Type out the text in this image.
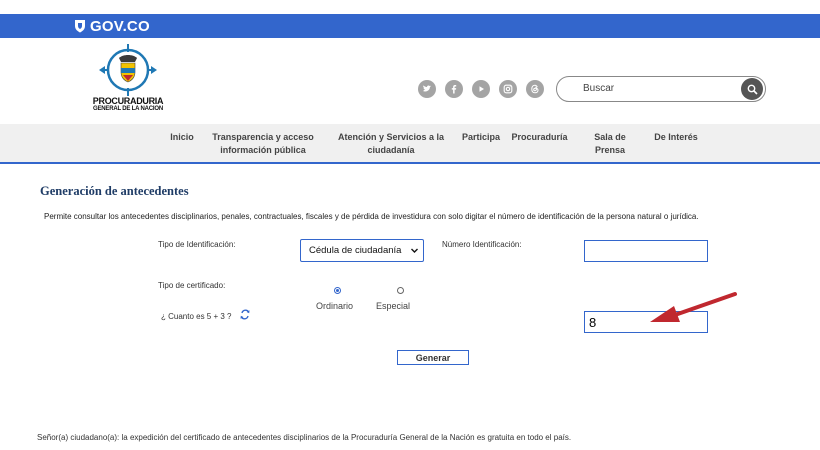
GOV.CO
PROCURADURIA
GENERAL DE LA NACION
Buscar
Inicio Transparencia y acceso
información pública
Atención y Servicios a la
ciudadanía
Participa Procuraduría	Sala de Prensa
De Interés
Generación de antecedentes
Permite consultar los antecedentes disciplinarios, penales, contractuales, fiscales y de pérdida de investidura con solo digitar el número de identificación de la persona natural o jurídica.
Tipo de Identificación:
Cédula de ciudadanía
Número Identificación:
Tipo de certificado:
Ordinario	Especial
¿ Cuanto es 5 + 3 ?
8
Generar
Señor(a) ciudadano(a): la expedición del certificado de antecedentes disciplinarios de la Procuraduría General de la Nación es gratuita en todo el país.
